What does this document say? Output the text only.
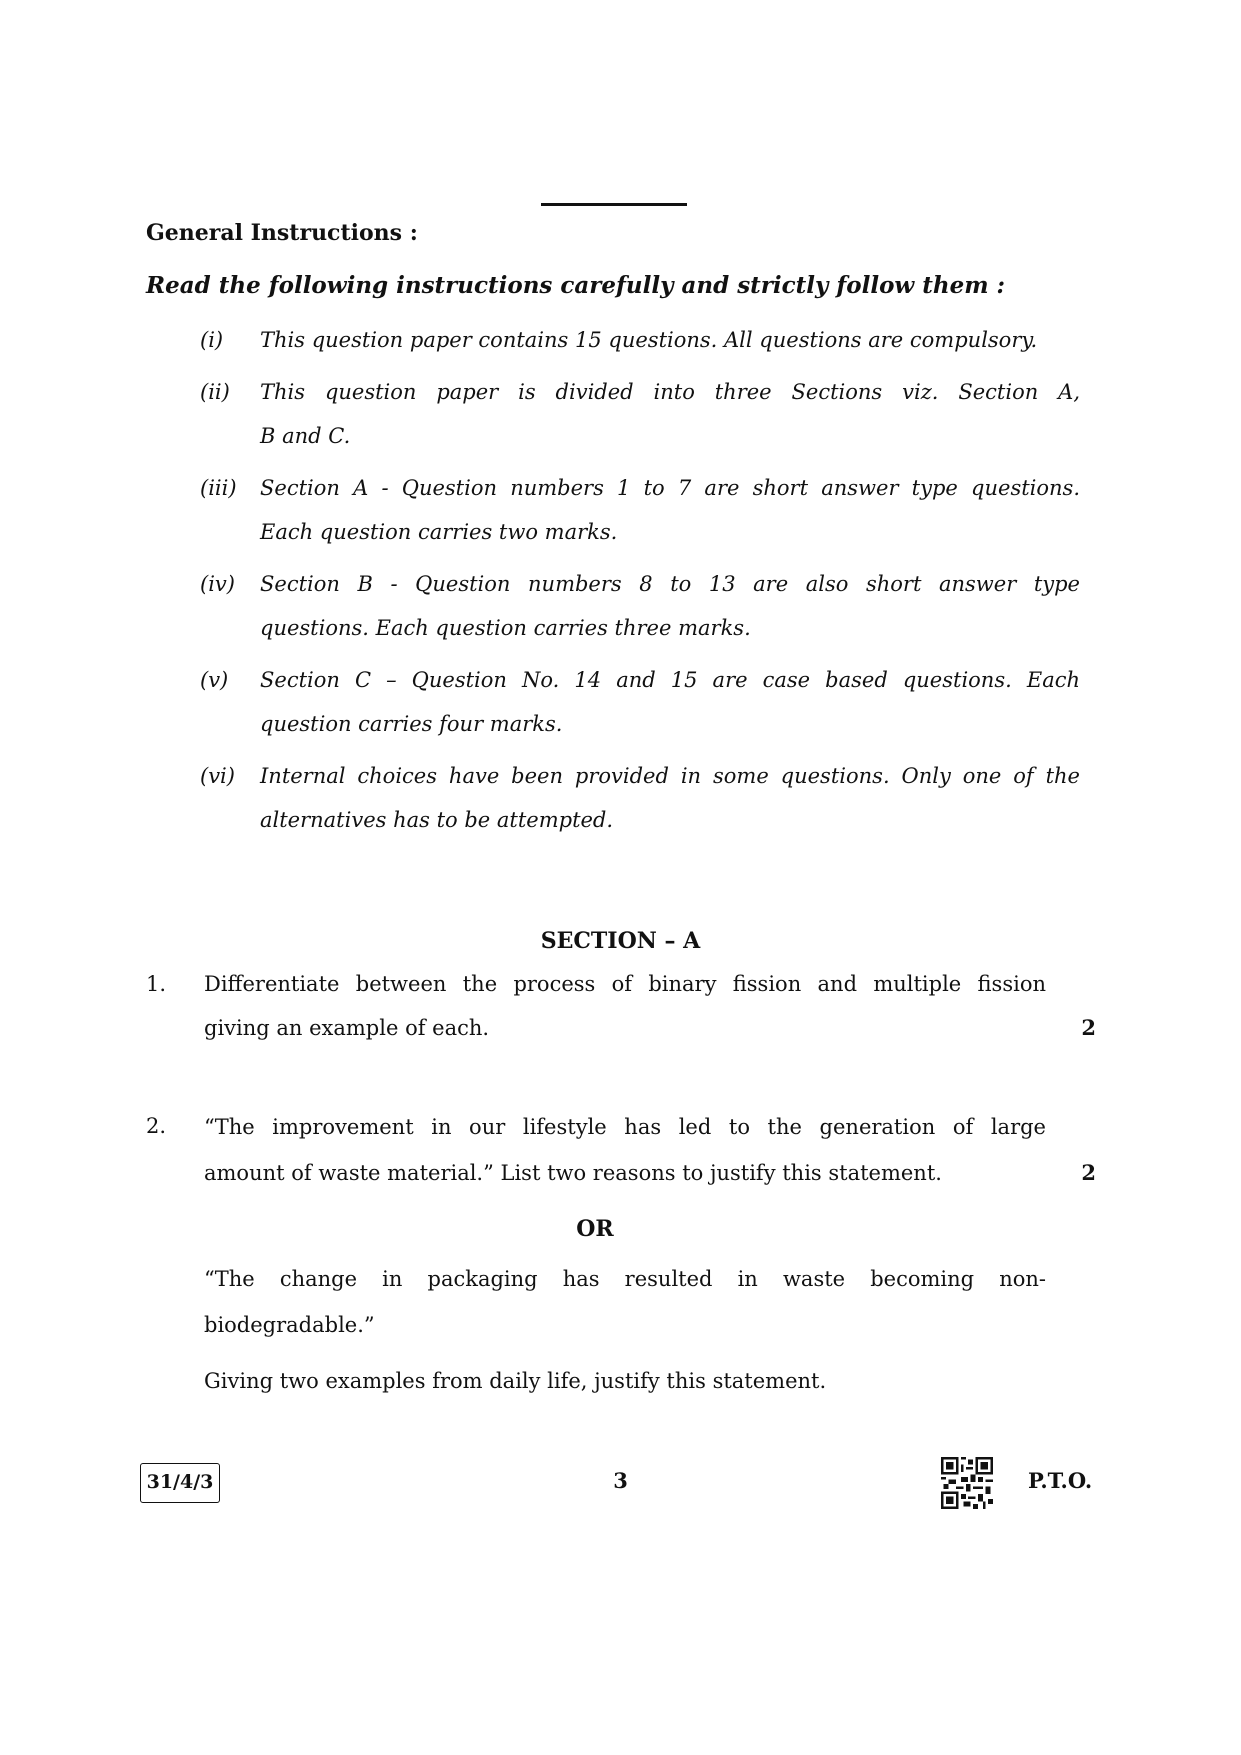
General Instructions :
Read the following instructions carefully and strictly follow them :
(i)	This question paper contains 15 questions. All questions are compulsory.
(ii)	This question paper is divided into three Sections viz. Section A,
B and C.
(iii)	Section A - Question numbers 1 to 7 are short answer type questions.
Each question carries two marks.
(iv)	Section B - Question numbers 8 to 13 are also short answer type
questions. Each question carries three marks.
(v)	Section C – Question No. 14 and 15 are case based questions. Each
question carries four marks.
(vi)	Internal choices have been provided in some questions. Only one of the
alternatives has to be attempted.
SECTION – A
1. Differentiate between the process of binary fission and multiple fission
giving an example of each.	2
2. “The improvement in our lifestyle has led to the generation of large
amount of waste material.” List two reasons to justify this statement.	2
OR
“The change in packaging has resulted in waste becoming non-
biodegradable.”
Giving two examples from daily life, justify this statement.
31/4/3	3	P.T.O.
